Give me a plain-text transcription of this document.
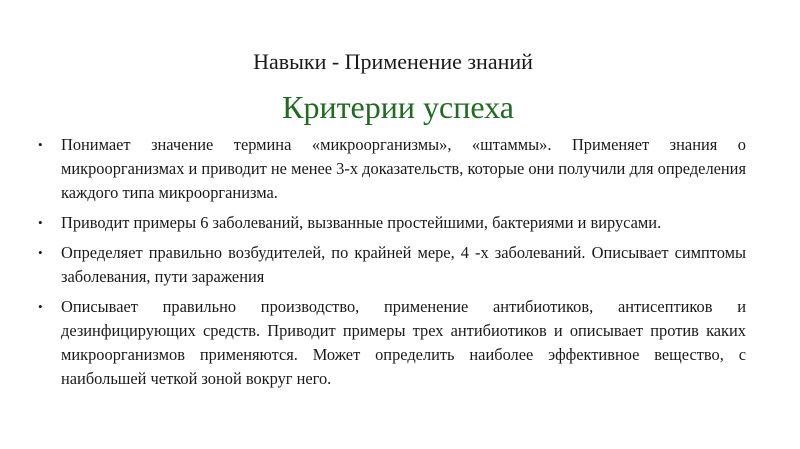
Навыки - Применение знаний
Критерии успеха
• Понимает значение термина «микроорганизмы», «штаммы». Применяет знания о микроорганизмах и приводит не менее 3-х доказательств, которые они получили для определения каждого типа микроорганизма.
• Приводит примеры 6 заболеваний, вызванные простейшими, бактериями и вирусами.
• Определяет правильно возбудителей, по крайней мере, 4 -х заболеваний. Описывает симптомы заболевания, пути заражения
• Описывает правильно производство, применение антибиотиков, антисептиков и дезинфицирующих средств. Приводит примеры трех антибиотиков и описывает против каких микроорганизмов применяются. Может определить наиболее эффективное вещество, с наибольшей четкой зоной вокруг него.
